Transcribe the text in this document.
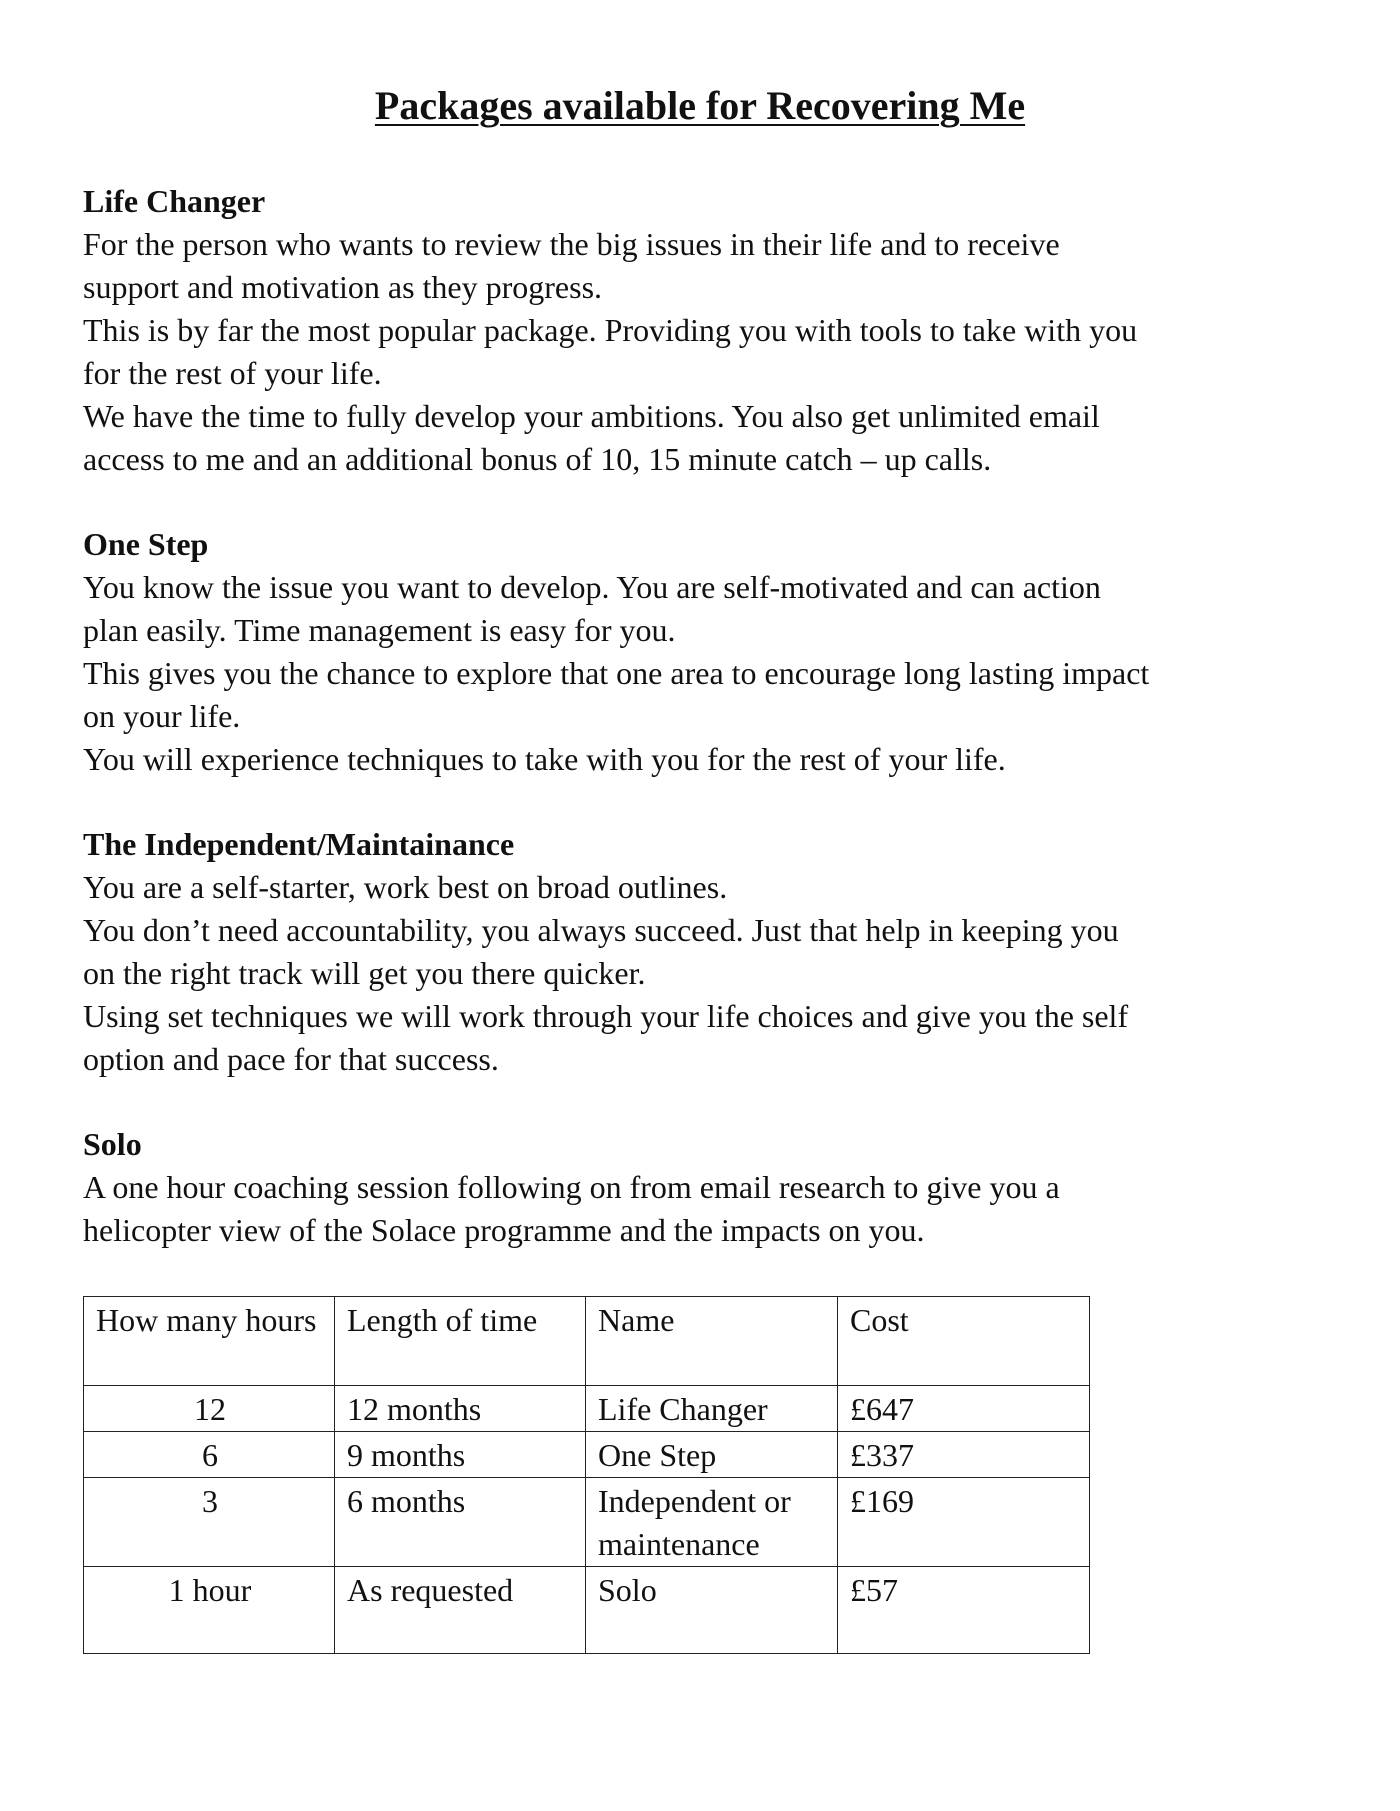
Packages available for Recovering Me

Life Changer

For the person who wants to review the big issues in their life and to receive

support and motivation as they progress.

This is by far the most popular package. Providing you with tools to take with you

for the rest of your life.

We have the time to fully develop your ambitions. You also get unlimited email

access to me and an additional bonus of 10, 15 minute catch – up calls.

One Step

You know the issue you want to develop. You are self-motivated and can action

plan easily. Time management is easy for you.

This gives you the chance to explore that one area to encourage long lasting impact

on your life.

You will experience techniques to take with you for the rest of your life.

The Independent/Maintainance

You are a self-starter, work best on broad outlines.

You don’t need accountability, you always succeed. Just that help in keeping you

on the right track will get you there quicker.

Using set techniques we will work through your life choices and give you the self

option and pace for that success.

Solo

A one hour coaching session following on from email research to give you a

helicopter view of the Solace programme and the impacts on you.

How many hours	Length of time	Name	Cost
12	12 months	Life Changer	£647
6	9 months	One Step	£337
3	6 months	Independent or maintenance	£169
1 hour	As requested	Solo	£57
